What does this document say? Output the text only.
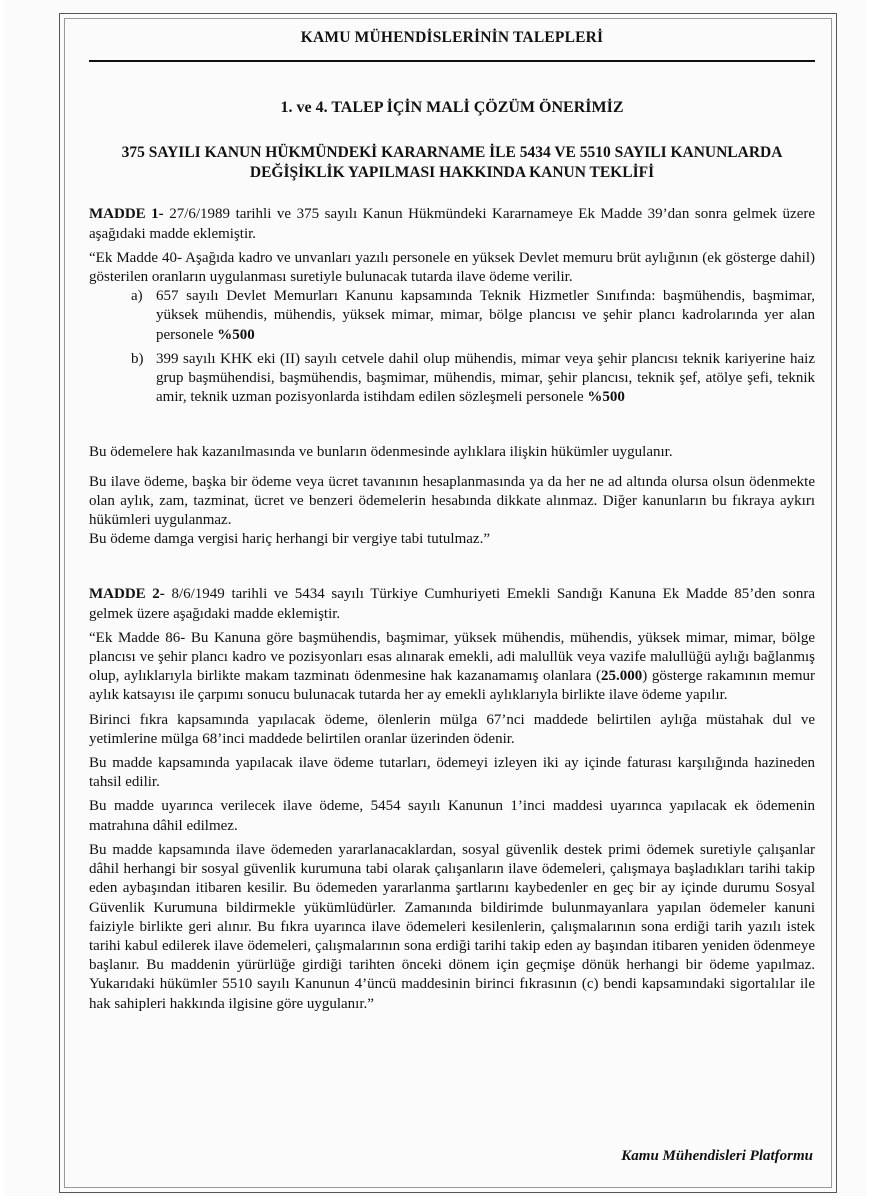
KAMU MÜHENDİSLERİNİN TALEPLERİ
1. ve 4. TALEP İÇİN MALİ ÇÖZÜM ÖNERİMİZ
375 SAYILI KANUN HÜKMÜNDEKİ KARARNAME İLE 5434 VE 5510 SAYILI KANUNLARDA DEĞİŞİKLİK YAPILMASI HAKKINDA KANUN TEKLİFİ

MADDE 1- 27/6/1989 tarihli ve 375 sayılı Kanun Hükmündeki Kararnameye Ek Madde 39’dan sonra gelmek üzere aşağıdaki madde eklemiştir.

“Ek Madde 40- Aşağıda kadro ve unvanları yazılı personele en yüksek Devlet memuru brüt aylığının (ek gösterge dahil) gösterilen oranların uygulanması suretiyle bulunacak tutarda ilave ödeme verilir.

a) 657 sayılı Devlet Memurları Kanunu kapsamında Teknik Hizmetler Sınıfında: başmühendis, başmimar, yüksek mühendis, mühendis, yüksek mimar, mimar, bölge plancısı ve şehir plancı kadrolarında yer alan personele %500
b) 399 sayılı KHK eki (II) sayılı cetvele dahil olup mühendis, mimar veya şehir plancısı teknik kariyerine haiz grup başmühendisi, başmühendis, başmimar, mühendis, mimar, şehir plancısı, teknik şef, atölye şefi, teknik amir, teknik uzman pozisyonlarda istihdam edilen sözleşmeli personele %500

Bu ödemelere hak kazanılmasında ve bunların ödenmesinde aylıklara ilişkin hükümler uygulanır.

Bu ilave ödeme, başka bir ödeme veya ücret tavanının hesaplanmasında ya da her ne ad altında olursa olsun ödenmekte olan aylık, zam, tazminat, ücret ve benzeri ödemelerin hesabında dikkate alınmaz. Diğer kanunların bu fıkraya aykırı hükümleri uygulanmaz.

Bu ödeme damga vergisi hariç herhangi bir vergiye tabi tutulmaz.”

MADDE 2- 8/6/1949 tarihli ve 5434 sayılı Türkiye Cumhuriyeti Emekli Sandığı Kanuna Ek Madde 85’den sonra gelmek üzere aşağıdaki madde eklemiştir.

“Ek Madde 86- Bu Kanuna göre başmühendis, başmimar, yüksek mühendis, mühendis, yüksek mimar, mimar, bölge plancısı ve şehir plancı kadro ve pozisyonları esas alınarak emekli, adi malullük veya vazife malullüğü aylığı bağlanmış olup, aylıklarıyla birlikte makam tazminatı ödenmesine hak kazanamamış olanlara (25.000) gösterge rakamının memur aylık katsayısı ile çarpımı sonucu bulunacak tutarda her ay emekli aylıklarıyla birlikte ilave ödeme yapılır.

Birinci fıkra kapsamında yapılacak ödeme, ölenlerin mülga 67’nci maddede belirtilen aylığa müstahak dul ve yetimlerine mülga 68’inci maddede belirtilen oranlar üzerinden ödenir.

Bu madde kapsamında yapılacak ilave ödeme tutarları, ödemeyi izleyen iki ay içinde faturası karşılığında hazineden tahsil edilir.

Bu madde uyarınca verilecek ilave ödeme, 5454 sayılı Kanunun 1’inci maddesi uyarınca yapılacak ek ödemenin matrahına dâhil edilmez.

Bu madde kapsamında ilave ödemeden yararlanacaklardan, sosyal güvenlik destek primi ödemek suretiyle çalışanlar dâhil herhangi bir sosyal güvenlik kurumuna tabi olarak çalışanların ilave ödemeleri, çalışmaya başladıkları tarihi takip eden aybaşından itibaren kesilir. Bu ödemeden yararlanma şartlarını kaybedenler en geç bir ay içinde durumu Sosyal Güvenlik Kurumuna bildirmekle yükümlüdürler. Zamanında bildirimde bulunmayanlara yapılan ödemeler kanuni faiziyle birlikte geri alınır. Bu fıkra uyarınca ilave ödemeleri kesilenlerin, çalışmalarının sona erdiği tarih yazılı istek tarihi kabul edilerek ilave ödemeleri, çalışmalarının sona erdiği tarihi takip eden ay başından itibaren yeniden ödenmeye başlanır. Bu maddenin yürürlüğe girdiği tarihten önceki dönem için geçmişe dönük herhangi bir ödeme yapılmaz. Yukarıdaki hükümler 5510 sayılı Kanunun 4’üncü maddesinin birinci fıkrasının (c) bendi kapsamındaki sigortalılar ile hak sahipleri hakkında ilgisine göre uygulanır.”

Kamu Mühendisleri Platformu
